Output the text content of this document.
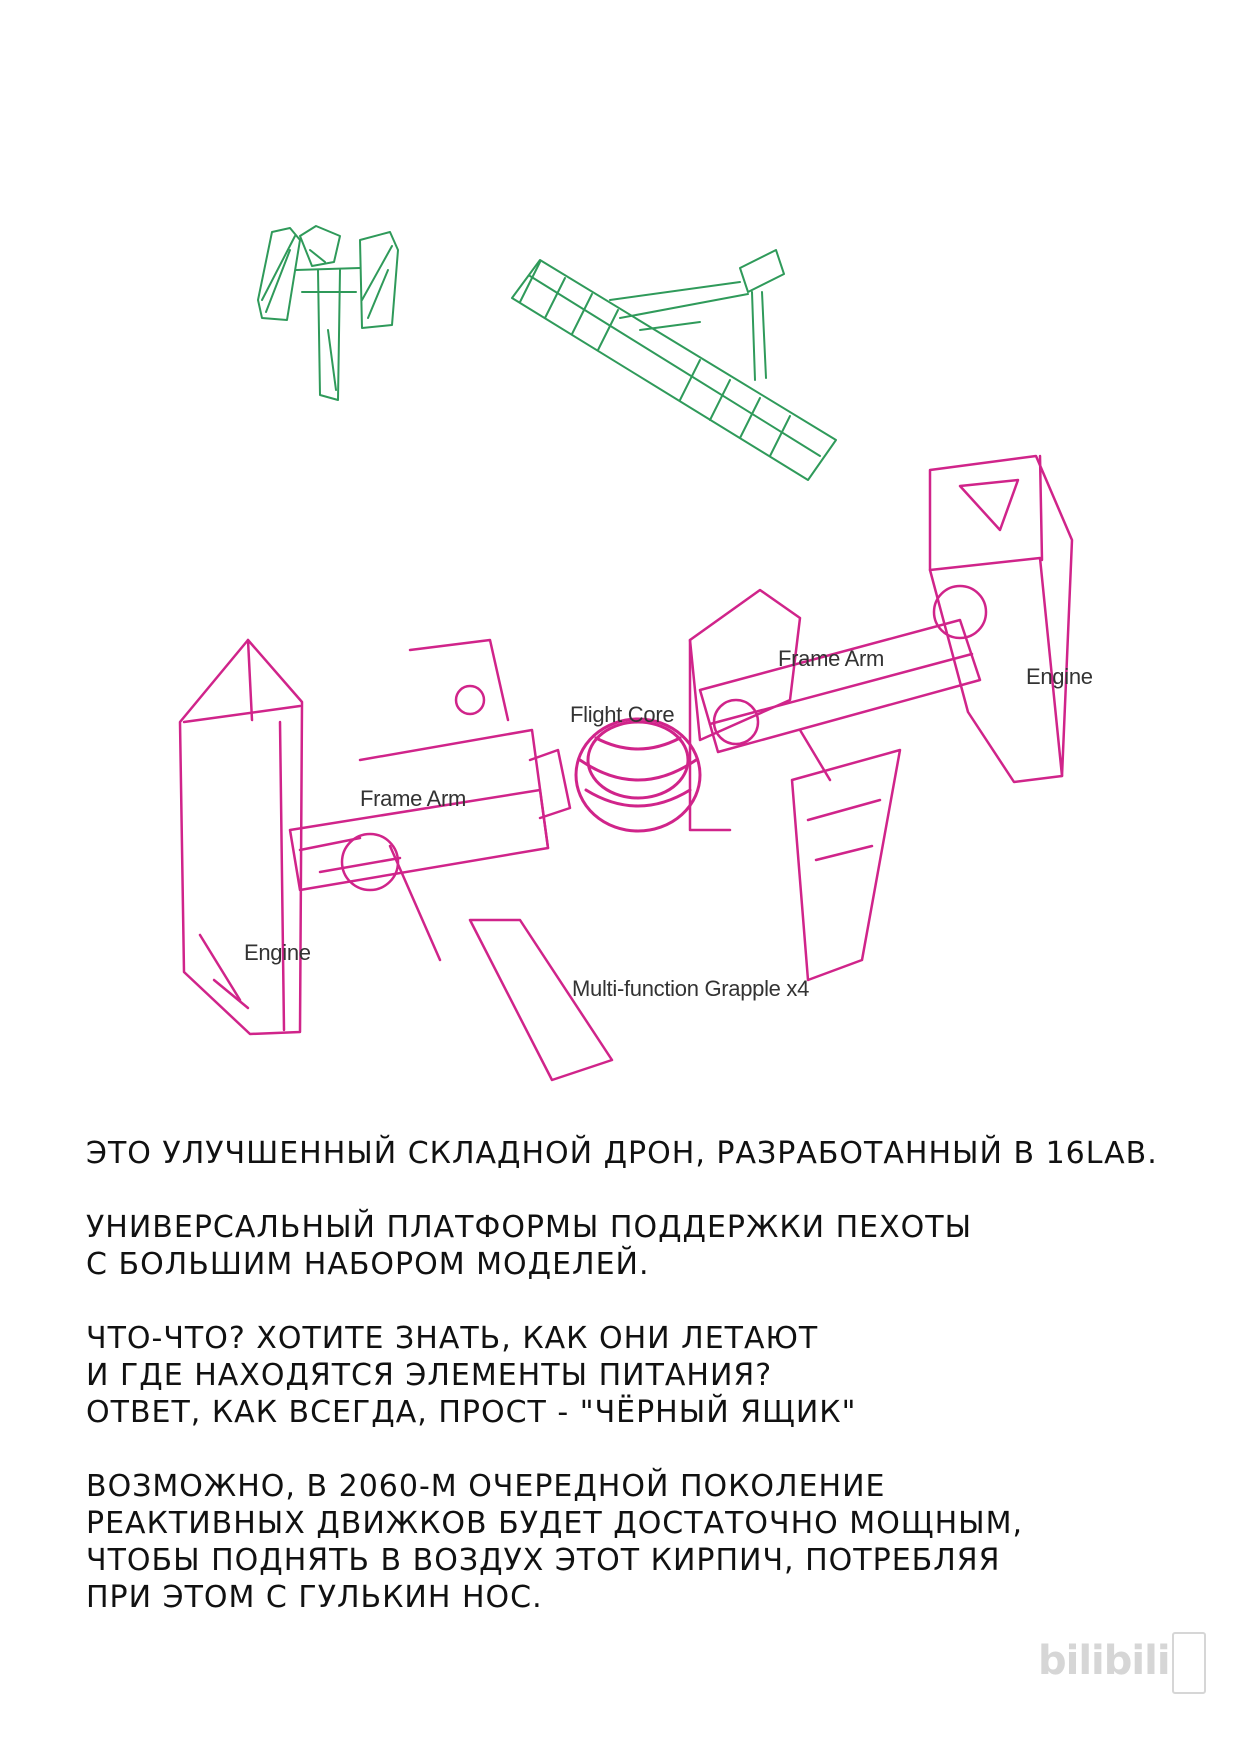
Frame Arm
Engine
Flight Core
Frame Arm
Engine
Multi-function Grapple x4
ЭТО УЛУЧШЕННЫЙ СКЛАДНОЙ ДРОН, РАЗРАБОТАННЫЙ В 16LAB.
УНИВЕРСАЛЬНЫЙ ПЛАТФОРМЫ ПОДДЕРЖКИ ПЕХОТЫ
С БОЛЬШИМ НАБОРОМ МОДЕЛЕЙ.
ЧТО-ЧТО? ХОТИТЕ ЗНАТЬ, КАК ОНИ ЛЕТАЮТ
И ГДЕ НАХОДЯТСЯ ЭЛЕМЕНТЫ ПИТАНИЯ?
ОТВЕТ, КАК ВСЕГДА, ПРОСТ - "ЧЁРНЫЙ ЯЩИК"
ВОЗМОЖНО, В 2060-М ОЧЕРЕДНОЙ ПОКОЛЕНИЕ
РЕАКТИВНЫХ ДВИЖКОВ БУДЕТ ДОСТАТОЧНО МОЩНЫМ,
ЧТОБЫ ПОДНЯТЬ В ВОЗДУХ ЭТОТ КИРПИЧ, ПОТРЕБЛЯЯ
ПРИ ЭТОМ С ГУЛЬКИН НОС.
bilibili
